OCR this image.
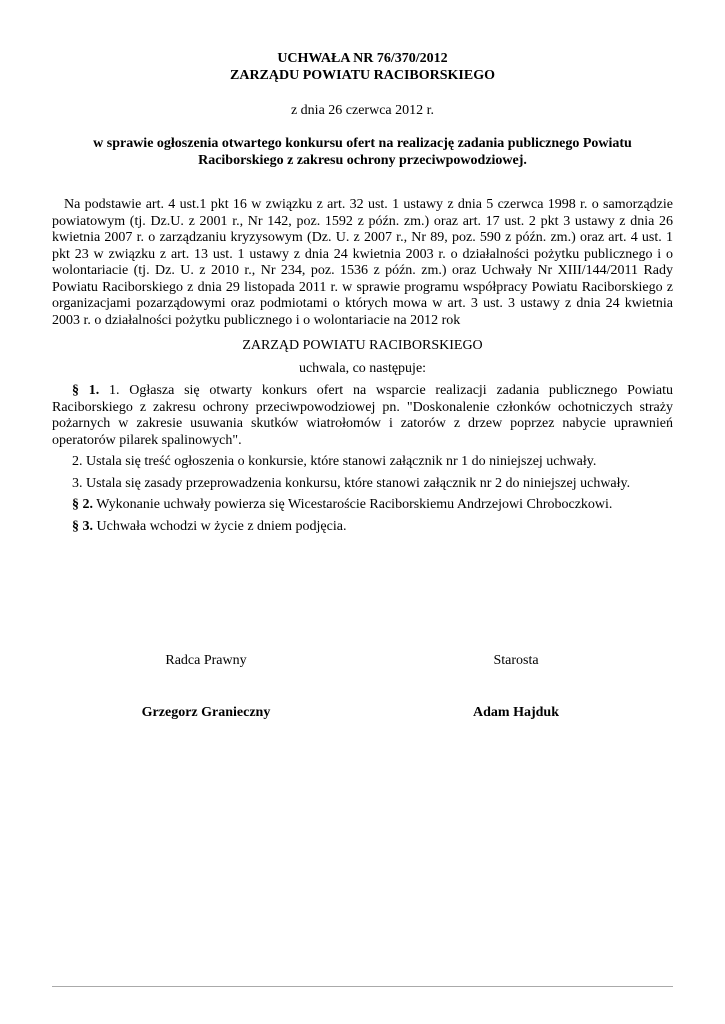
UCHWAŁA NR 76/370/2012
ZARZĄDU POWIATU RACIBORSKIEGO
z dnia 26 czerwca 2012 r.
w sprawie ogłoszenia otwartego konkursu ofert na realizację zadania publicznego Powiatu Raciborskiego z zakresu ochrony przeciwpowodziowej.
Na podstawie art. 4 ust.1 pkt 16 w związku z art. 32 ust. 1 ustawy z dnia 5 czerwca 1998 r. o samorządzie powiatowym (tj. Dz.U. z 2001 r., Nr 142, poz. 1592 z późn. zm.) oraz art. 17 ust. 2 pkt 3 ustawy z dnia 26 kwietnia 2007 r. o zarządzaniu kryzysowym (Dz. U. z 2007 r., Nr 89, poz. 590 z późn. zm.) oraz art. 4 ust. 1 pkt 23 w związku z art. 13 ust. 1 ustawy z dnia 24 kwietnia 2003 r. o działalności pożytku publicznego i o wolontariacie (tj. Dz. U. z 2010 r., Nr 234, poz. 1536 z późn. zm.) oraz Uchwały Nr XIII/144/2011 Rady Powiatu Raciborskiego z dnia 29 listopada 2011 r. w sprawie programu współpracy Powiatu Raciborskiego z organizacjami pozarządowymi oraz podmiotami o których mowa w art. 3 ust. 3 ustawy z dnia 24 kwietnia 2003 r. o działalności pożytku publicznego i o wolontariacie na 2012 rok
ZARZĄD POWIATU RACIBORSKIEGO
uchwala, co następuje:
§ 1. 1. Ogłasza się otwarty konkurs ofert na wsparcie realizacji zadania publicznego Powiatu Raciborskiego z zakresu ochrony przeciwpowodziowej pn. "Doskonalenie członków ochotniczych straży pożarnych w zakresie usuwania skutków wiatrołomów i zatorów z drzew poprzez nabycie uprawnień operatorów pilarek spalinowych".
2. Ustala się treść ogłoszenia o konkursie, które stanowi załącznik nr 1 do niniejszej uchwały.
3. Ustala się zasady przeprowadzenia konkursu, które stanowi załącznik nr 2 do niniejszej uchwały.
§ 2. Wykonanie uchwały powierza się Wicestaroście Raciborskiemu Andrzejowi Chroboczkowi.
§ 3. Uchwała wchodzi w życie z dniem podjęcia.
Radca Prawny
Grzegorz Granieczny
Starosta
Adam Hajduk
